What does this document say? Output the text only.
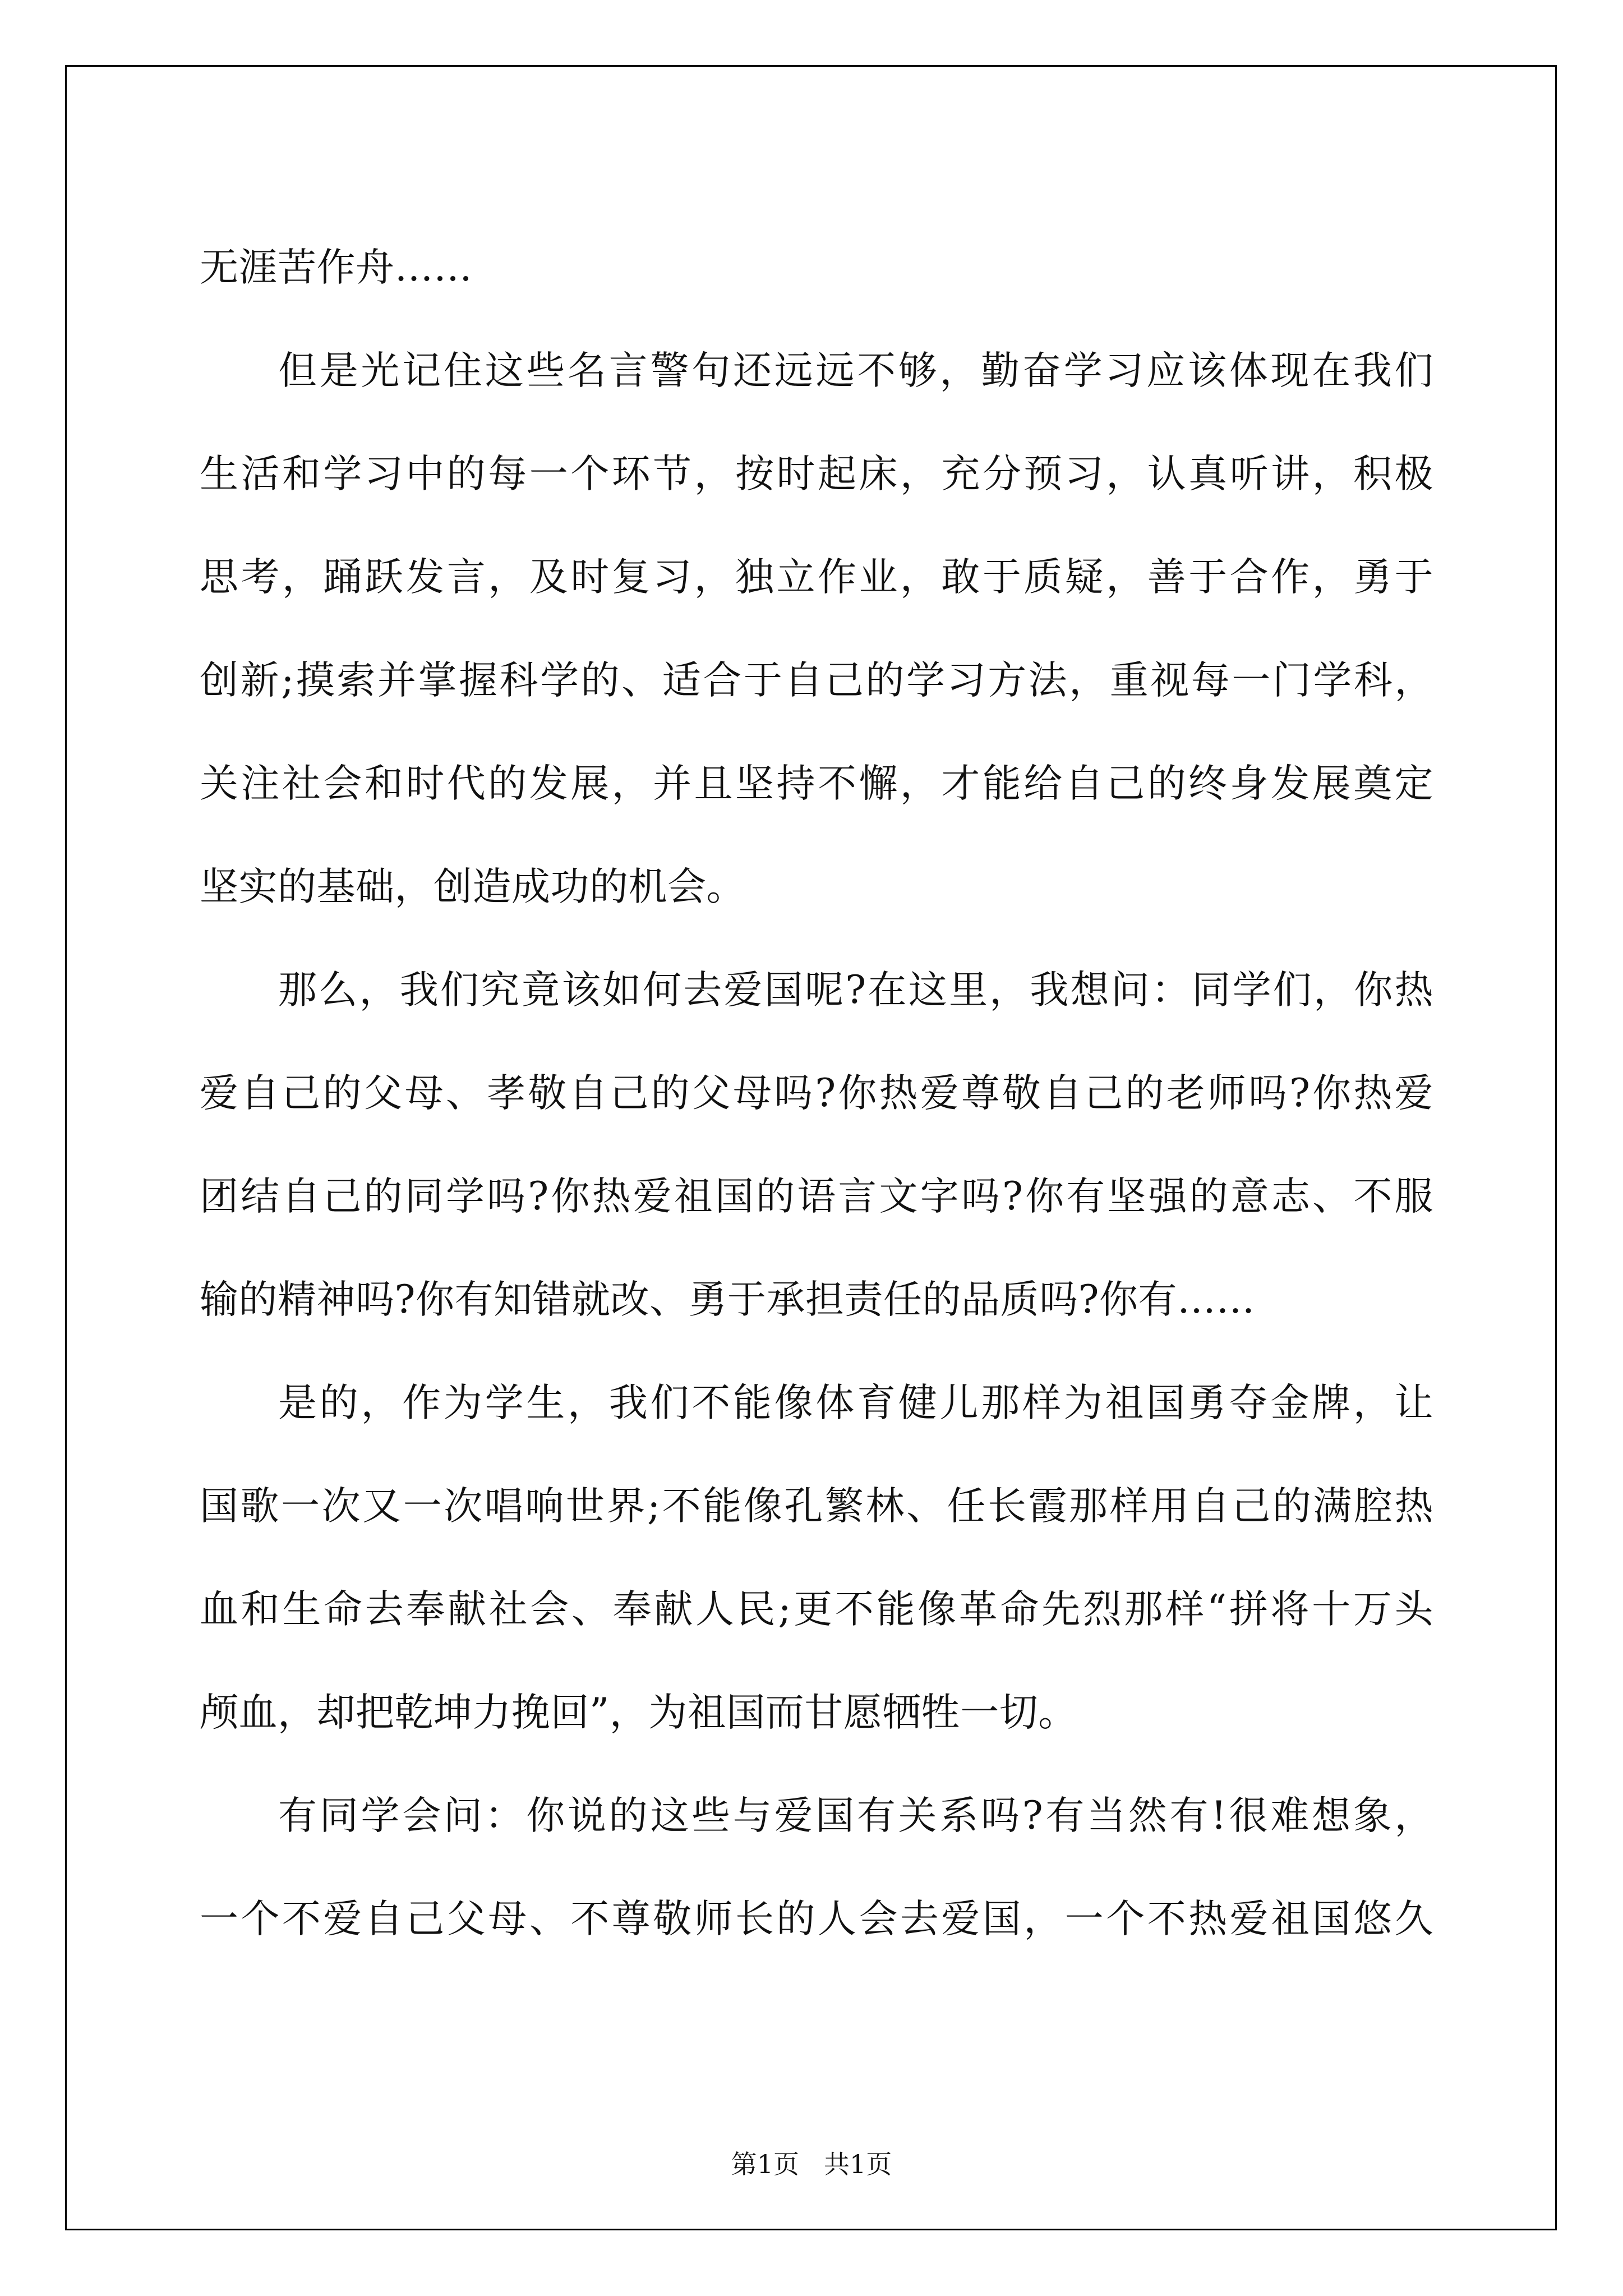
无涯苦作舟……
但是光记住这些名言警句还远远不够，勤奋学习应该体现在我们
生活和学习中的每一个环节，按时起床，充分预习，认真听讲，积极
思考，踊跃发言，及时复习，独立作业，敢于质疑，善于合作，勇于
创新;摸索并掌握科学的、适合于自己的学习方法，重视每一门学科，
关注社会和时代的发展，并且坚持不懈，才能给自己的终身发展奠定
坚实的基础，创造成功的机会。
那么，我们究竟该如何去爱国呢?在这里，我想问：同学们，你热
爱自己的父母、孝敬自己的父母吗?你热爱尊敬自己的老师吗?你热爱
团结自己的同学吗?你热爱祖国的语言文字吗?你有坚强的意志、不服
输的精神吗?你有知错就改、勇于承担责任的品质吗?你有……
是的，作为学生，我们不能像体育健儿那样为祖国勇夺金牌，让
国歌一次又一次唱响世界;不能像孔繁林、任长霞那样用自己的满腔热
血和生命去奉献社会、奉献人民;更不能像革命先烈那样“拼将十万头
颅血，却把乾坤力挽回”，为祖国而甘愿牺牲一切。
有同学会问：你说的这些与爱国有关系吗?有当然有!很难想象，
一个不爱自己父母、不尊敬师长的人会去爱国，一个不热爱祖国悠久
第1页 共1页
